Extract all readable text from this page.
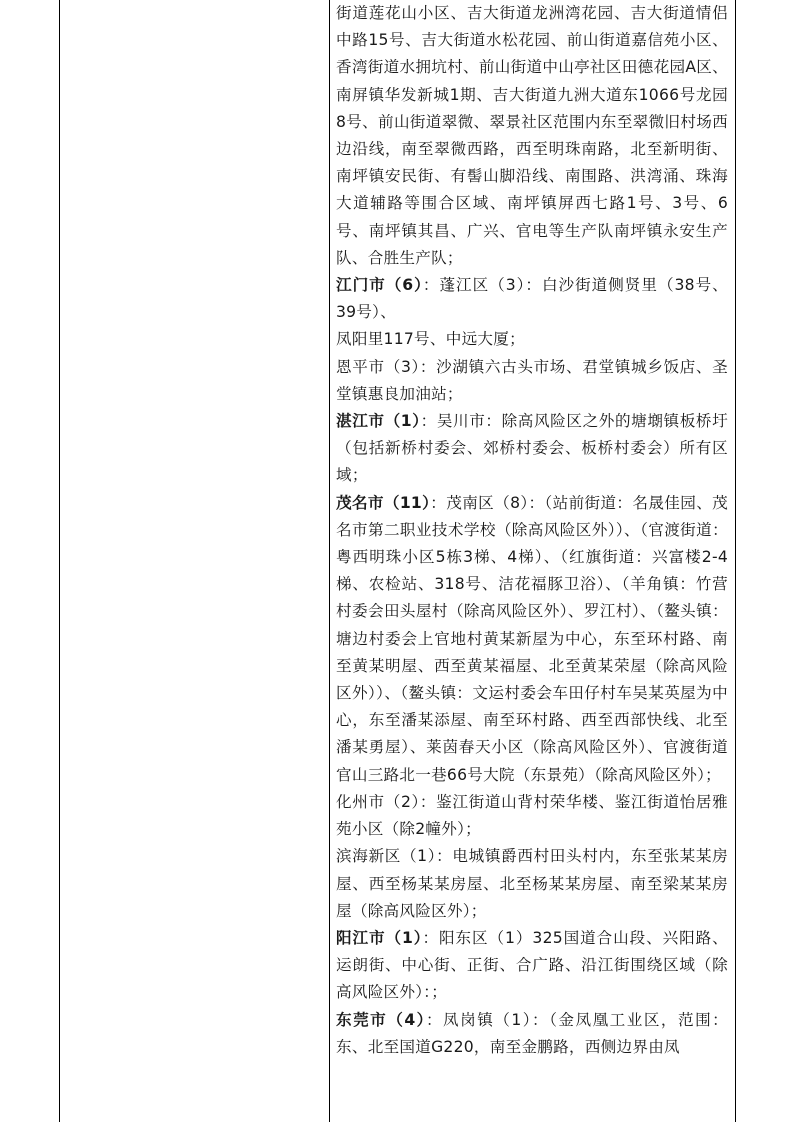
街道莲花山小区、吉大街道龙洲湾花园、吉大街道情侣中路15号、吉大街道水松花园、前山街道嘉信苑小区、香湾街道水拥坑村、前山街道中山亭社区田德花园A区、南屏镇华发新城1期、吉大街道九洲大道东1066号龙园8号、前山街道翠微、翠景社区范围内东至翠微旧村场西边沿线，南至翠微西路，西至明珠南路，北至新明街、南坪镇安民街、有髻山脚沿线、南围路、洪湾涌、珠海大道辅路等围合区域、南坪镇屏西七路1号、3号、6号、南坪镇其昌、广兴、官电等生产队南坪镇永安生产队、合胜生产队；

江门市（6）：蓬江区（3）：白沙街道侧贤里（38号、39号）、

凤阳里117号、中远大厦；

恩平市（3）：沙湖镇六古头市场、君堂镇城乡饭店、圣堂镇惠良加油站；

湛江市（1）：吴川市：除高风险区之外的塘㙟镇板桥圩（包括新桥村委会、郊桥村委会、板桥村委会）所有区域；

茂名市（11）：茂南区（8）：（站前街道：名晟佳园、茂名市第二职业技术学校（除高风险区外））、（官渡街道：粤西明珠小区5栋3梯、4梯）、（红旗街道：兴富楼2-4梯、农检站、318号、洁花福豚卫浴）、（羊角镇：竹营村委会田头屋村（除高风险区外）、罗江村）、（鳌头镇：塘边村委会上官地村黄某新屋为中心，东至环村路、南至黄某明屋、西至黄某福屋、北至黄某荣屋（除高风险区外））、（鳌头镇：文运村委会车田仔村车吴某英屋为中心，东至潘某添屋、南至环村路、西至西部快线、北至潘某勇屋）、莱茵春天小区（除高风险区外）、官渡街道官山三路北一巷66号大院（东景苑）（除高风险区外）；

化州市（2）：鉴江街道山背村荣华楼、鉴江街道怡居雅苑小区（除2幢外）；

滨海新区（1）：电城镇爵西村田头村内，东至张某某房屋、西至杨某某房屋、北至杨某某房屋、南至梁某某房屋（除高风险区外）；

阳江市（1）：阳东区（1）325国道合山段、兴阳路、运朗街、中心街、正街、合广路、沿江街围绕区域（除高风险区外）：；

东莞市（4）：凤岗镇（1）：（金凤凰工业区，范围：东、北至国道G220，南至金鹏路，西侧边界由凤
